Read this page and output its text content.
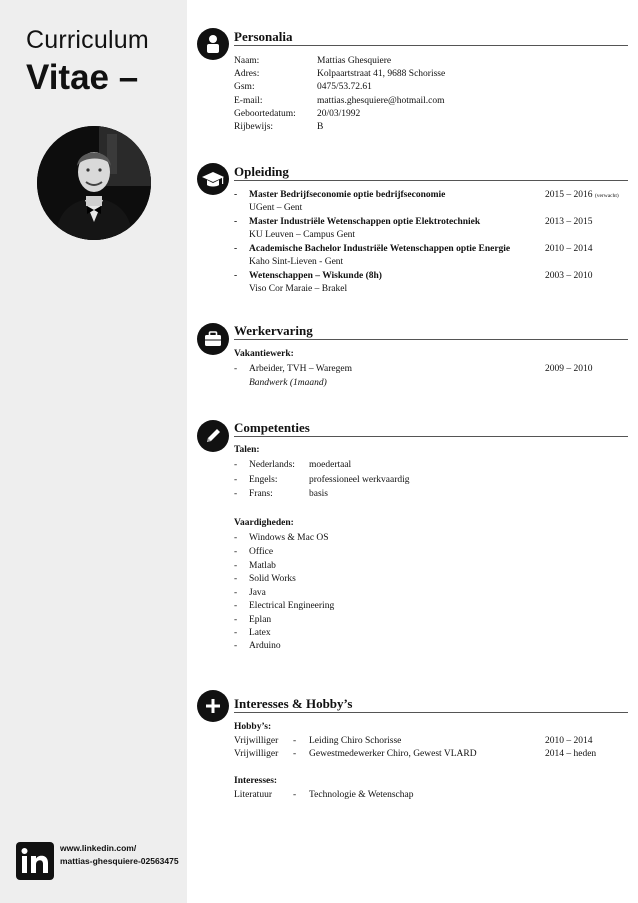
Curriculum
Vitae –
www.linkedin.com/
mattias-ghesquiere-02563475
Personalia
Naam:	Mattias Ghesquiere
Adres:	Kolpaartstraat 41, 9688 Schorisse
Gsm:	0475/53.72.61
E-mail:	mattias.ghesquiere@hotmail.com
Geboortedatum: 20/03/1992
Rijbewijs:	B
Opleiding
- Master Bedrijfseconomie optie bedrijfseconomie	2015 – 2016 (verwacht)
UGent – Gent
- Master Industriële Wetenschappen optie Elektrotechniek	2013 – 2015
KU Leuven – Campus Gent
- Academische Bachelor Industriële Wetenschappen optie Energie	2010 – 2014
Kaho Sint-Lieven - Gent
- Wetenschappen – Wiskunde (8h)	2003 – 2010
Viso Cor Maraie – Brakel
Werkervaring
Vakantiewerk:
- Arbeider, TVH – Waregem	2009 – 2010
Bandwerk (1maand)
Competenties
Talen:
- Nederlands: moedertaal
- Engels:	professioneel werkvaardig
- Frans:	basis
Vaardigheden:
- Windows & Mac OS
- Office
- Matlab
- Solid Works
- Java
- Electrical Engineering
- Eplan
- Latex
- Arduino
Interesses & Hobby’s
Hobby’s:
Vrijwilliger - Leiding Chiro Schorisse	2010 – 2014
Vrijwilliger - Gewestmedewerker Chiro, Gewest VLARD	2014 – heden
Interesses:
Literatuur - Technologie & Wetenschap
